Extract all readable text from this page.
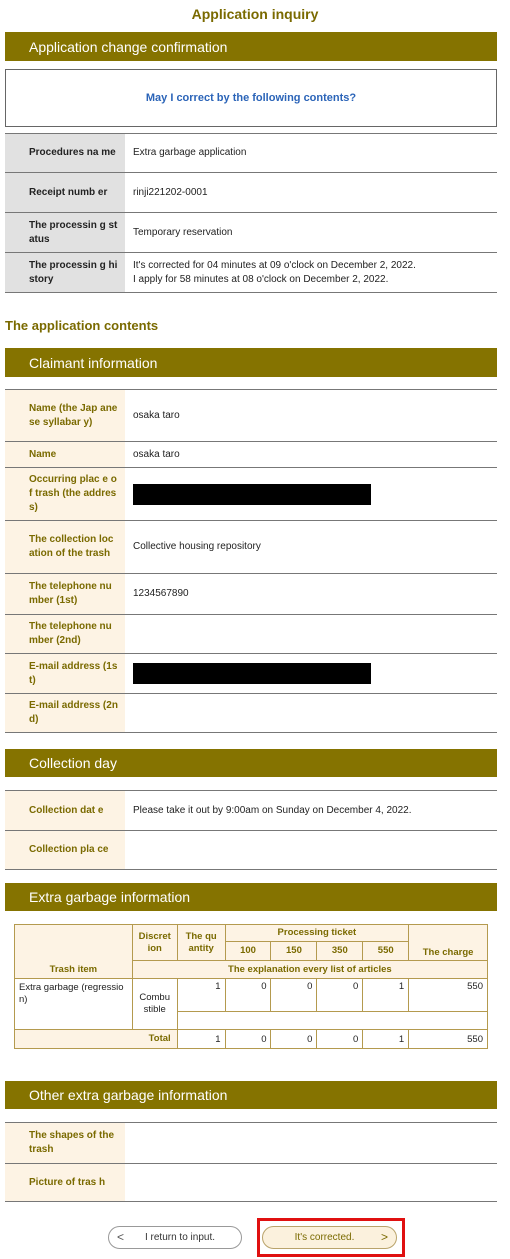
Application inquiry
Application change confirmation
May I correct by the following contents?
Procedures na me	Extra garbage application
Receipt numb er	rinji221202-0001
The processin g status	Temporary reservation
The processin g history	It's corrected for 04 minutes at 09 o'clock on December 2, 2022.
I apply for 58 minutes at 08 o'clock on December 2, 2022.
The application contents
Claimant information
Name (the Jap anese syllabar y)	osaka taro
Name	osaka taro
Occurring plac e of trash (the address)	
The collection location of the trash	Collective housing repository
The telephone number (1st)	1234567890
The telephone number (2nd)	
E-mail address (1st)	
E-mail address (2nd)	
Collection day
Collection dat e	Please take it out by 9:00am on Sunday on December 4, 2022.
Collection pla ce	
Extra garbage information
Trash item	Discret ion	The qu antity	Processing ticket				The charge
			100	150	350	550	
	The explanation every list of articles						
Extra garbage (regressio n)	Combu stible	1	0	0	0	1	550

Total		1	0	0	0	1	550
Other extra garbage information
The shapes of the trash	
Picture of tras h	
<	I return to input.	It's corrected.	>
